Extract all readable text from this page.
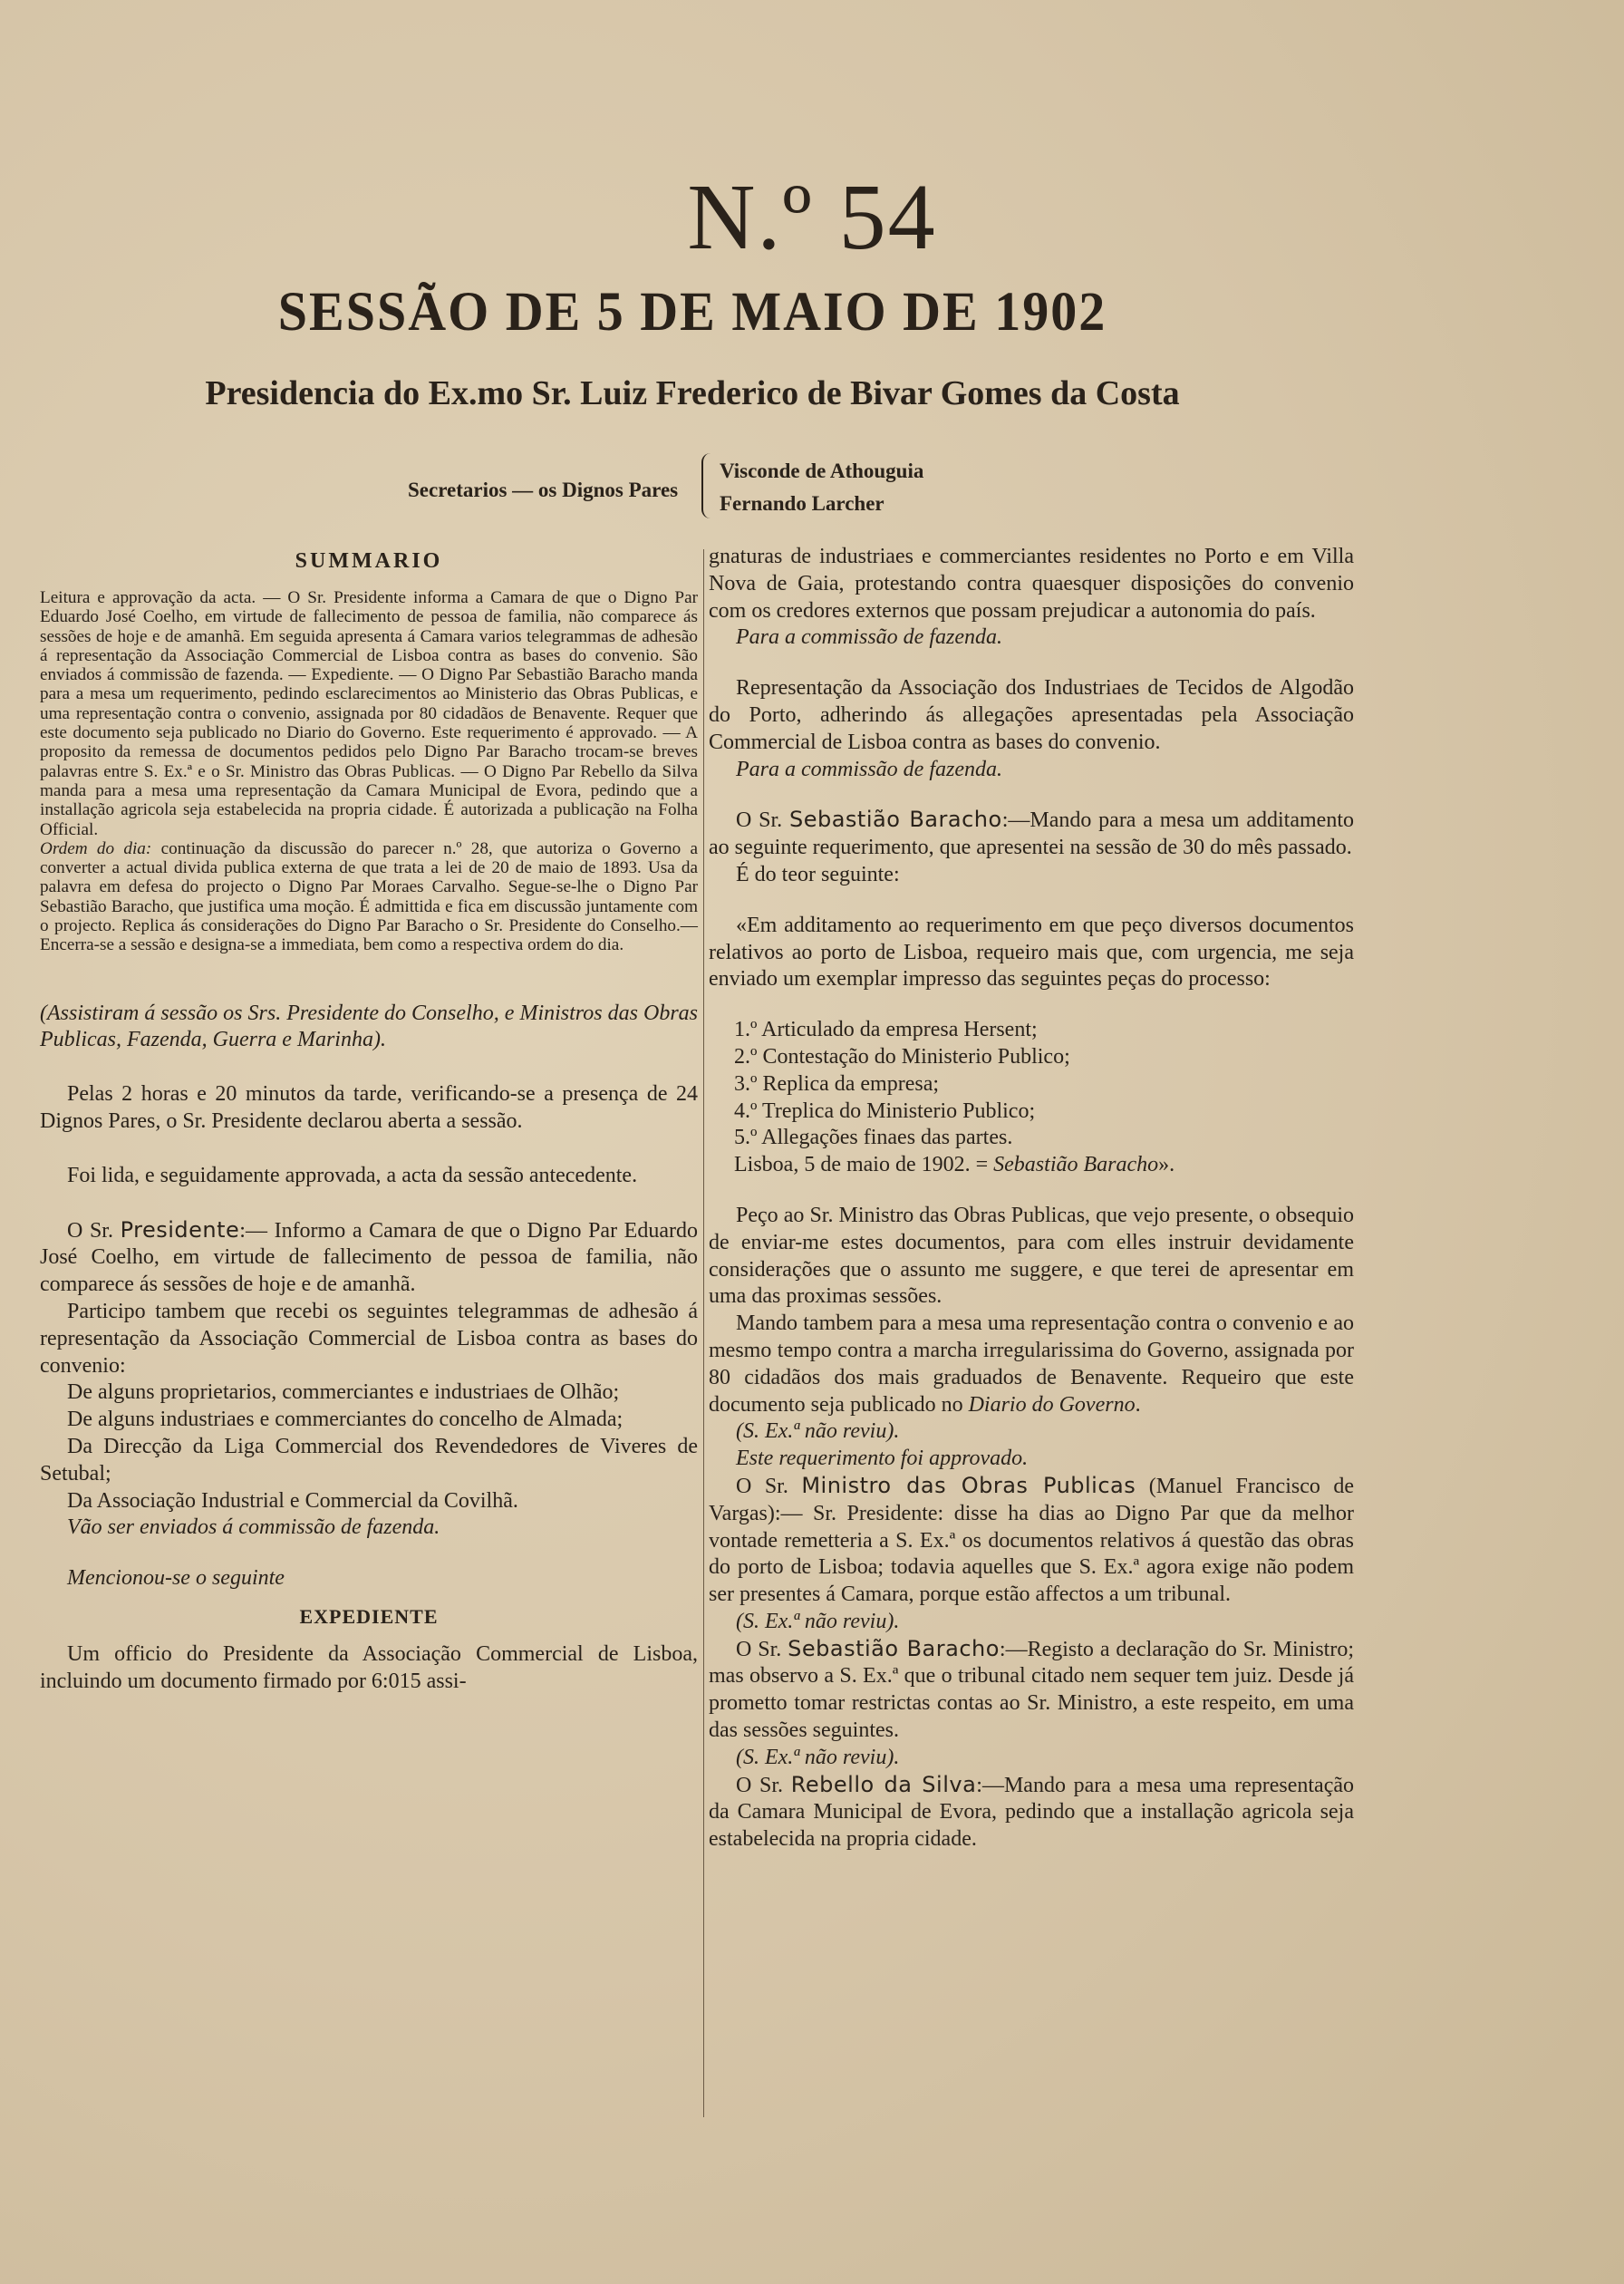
N.º 54
SESSÃO DE 5 DE MAIO DE 1902
Presidencia do Ex.mo Sr. Luiz Frederico de Bivar Gomes da Costa
Secretarios — os Dignos Pares
Visconde de Athouguia
Fernando Larcher
SUMMARIO

Leitura e approvação da acta. — O Sr. Presidente informa a Camara de que o Digno Par Eduardo José Coelho, em virtude de fallecimento de pessoa de familia, não comparece ás sessões de hoje e de amanhã. Em seguida apresenta á Camara varios telegrammas de adhesão á representação da Associação Commercial de Lisboa contra as bases do convenio. São enviados á commissão de fazenda. — Expediente. — O Digno Par Sebastião Baracho manda para a mesa um requerimento, pedindo esclarecimentos ao Ministerio das Obras Publicas, e uma representação contra o convenio, assignada por 80 cidadãos de Benavente. Requer que este documento seja publicado no Diario do Governo. Este requerimento é approvado. — A proposito da remessa de documentos pedidos pelo Digno Par Baracho trocam-se breves palavras entre S. Ex.ª e o Sr. Ministro das Obras Publicas. — O Digno Par Rebello da Silva manda para a mesa uma representação da Camara Municipal de Evora, pedindo que a installação agricola seja estabelecida na propria cidade. É autorizada a publicação na Folha Official.

Ordem do dia: continuação da discussão do parecer n.º 28, que autoriza o Governo a converter a actual divida publica externa de que trata a lei de 20 de maio de 1893. Usa da palavra em defesa do projecto o Digno Par Moraes Carvalho. Segue-se-lhe o Digno Par Sebastião Baracho, que justifica uma moção. É admittida e fica em discussão juntamente com o projecto. Replica ás considerações do Digno Par Baracho o Sr. Presidente do Conselho.— Encerra-se a sessão e designa-se a immediata, bem como a respectiva ordem do dia.

(Assistiram á sessão os Srs. Presidente do Conselho, e Ministros das Obras Publicas, Fazenda, Guerra e Marinha).

Pelas 2 horas e 20 minutos da tarde, verificando-se a presença de 24 Dignos Pares, o Sr. Presidente declarou aberta a sessão.

Foi lida, e seguidamente approvada, a acta da sessão antecedente.

O Sr. Presidente:— Informo a Camara de que o Digno Par Eduardo José Coelho, em virtude de fallecimento de pessoa de familia, não comparece ás sessões de hoje e de amanhã.

Participo tambem que recebi os seguintes telegrammas de adhesão á representação da Associação Commercial de Lisboa contra as bases do convenio:

De alguns proprietarios, commerciantes e industriaes de Olhão;

De alguns industriaes e commerciantes do concelho de Almada;

Da Direcção da Liga Commercial dos Revendedores de Viveres de Setubal;

Da Associação Industrial e Commercial da Covilhã.

Vão ser enviados á commissão de fazenda.

Mencionou-se o seguinte

EXPEDIENTE

Um officio do Presidente da Associação Commercial de Lisboa, incluindo um documento firmado por 6:015 assi-

gnaturas de industriaes e commerciantes residentes no Porto e em Villa Nova de Gaia, protestando contra quaesquer disposições do convenio com os credores externos que possam prejudicar a autonomia do país.

Para a commissão de fazenda.

Representação da Associação dos Industriaes de Tecidos de Algodão do Porto, adherindo ás allegações apresentadas pela Associação Commercial de Lisboa contra as bases do convenio.

Para a commissão de fazenda.

O Sr. Sebastião Baracho:—Mando para a mesa um additamento ao seguinte requerimento, que apresentei na sessão de 30 do mês passado.

É do teor seguinte:

«Em additamento ao requerimento em que peço diversos documentos relativos ao porto de Lisboa, requeiro mais que, com urgencia, me seja enviado um exemplar impresso das seguintes peças do processo:

1.º Articulado da empresa Hersent;

2.º Contestação do Ministerio Publico;

3.º Replica da empresa;

4.º Treplica do Ministerio Publico;

5.º Allegações finaes das partes.

Lisboa, 5 de maio de 1902. = Sebastião Baracho».

Peço ao Sr. Ministro das Obras Publicas, que vejo presente, o obsequio de enviar-me estes documentos, para com elles instruir devidamente considerações que o assunto me suggere, e que terei de apresentar em uma das proximas sessões.

Mando tambem para a mesa uma representação contra o convenio e ao mesmo tempo contra a marcha irregularissima do Governo, assignada por 80 cidadãos dos mais graduados de Benavente. Requeiro que este documento seja publicado no Diario do Governo.

(S. Ex.ª não reviu).

Este requerimento foi approvado.

O Sr. Ministro das Obras Publicas (Manuel Francisco de Vargas):— Sr. Presidente: disse ha dias ao Digno Par que da melhor vontade remetteria a S. Ex.ª os documentos relativos á questão das obras do porto de Lisboa; todavia aquelles que S. Ex.ª agora exige não podem ser presentes á Camara, porque estão affectos a um tribunal.

(S. Ex.ª não reviu).

O Sr. Sebastião Baracho:—Registo a declaração do Sr. Ministro; mas observo a S. Ex.ª que o tribunal citado nem sequer tem juiz. Desde já prometto tomar restrictas contas ao Sr. Ministro, a este respeito, em uma das sessões seguintes.

(S. Ex.ª não reviu).

O Sr. Rebello da Silva:—Mando para a mesa uma representação da Camara Municipal de Evora, pedindo que a installação agricola seja estabelecida na propria cidade.
